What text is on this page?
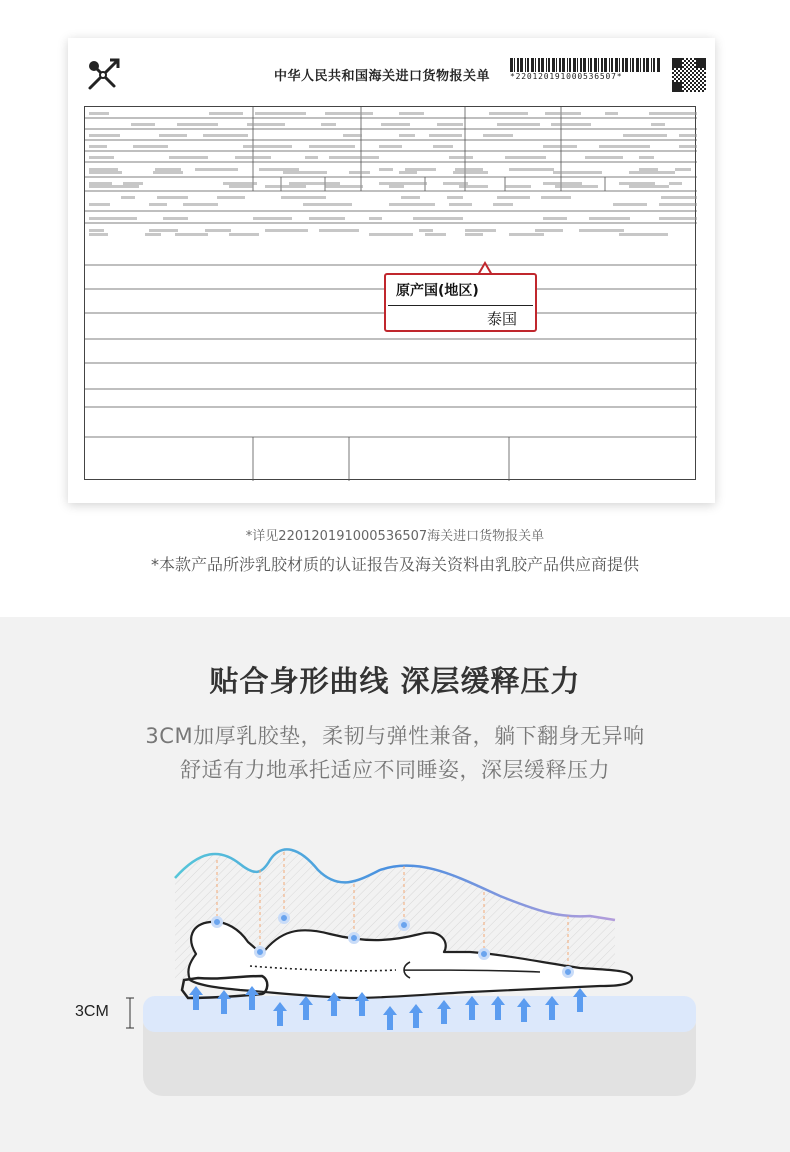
中华人民共和国海关进口货物报关单 *220120191000536507*
原产国(地区)
泰国
*详见220120191000536507海关进口货物报关单
*本款产品所涉乳胶材质的认证报告及海关资料由乳胶产品供应商提供
贴合身形曲线 深层缓释压力
3CM加厚乳胶垫，柔韧与弹性兼备，躺下翻身无异响
舒适有力地承托适应不同睡姿，深层缓释压力
3CM
